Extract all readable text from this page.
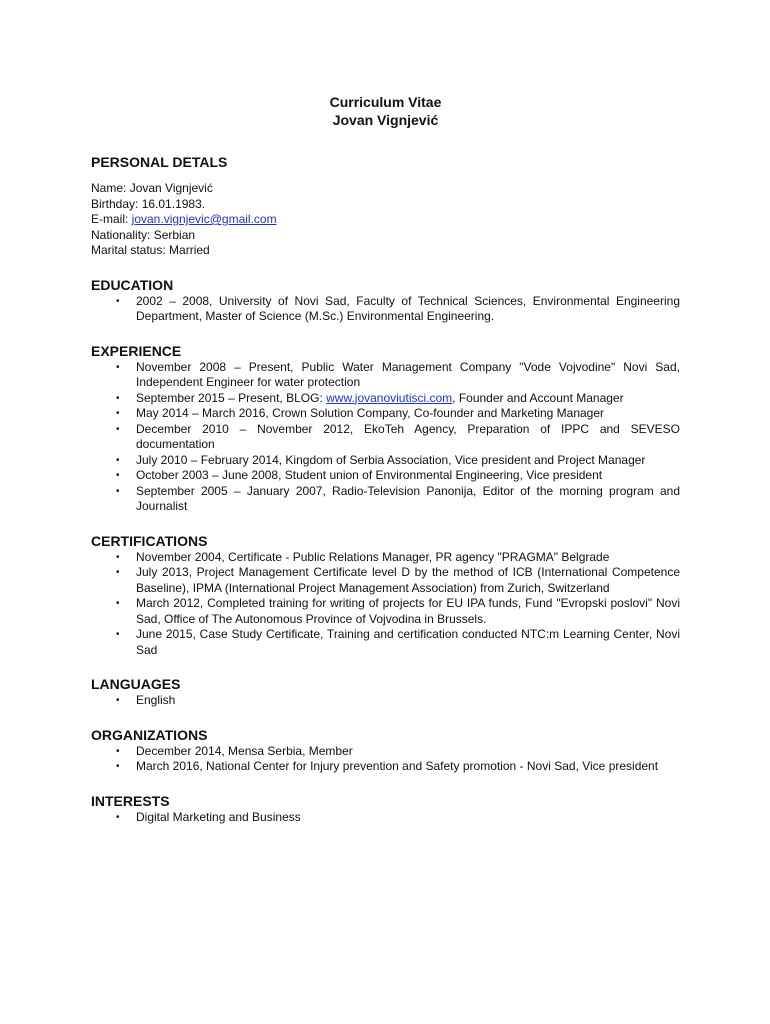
Curriculum Vitae

Jovan Vignjević

PERSONAL DETALS
Name: Jovan Vignjević
Birthday: 16.01.1983.
E-mail: jovan.vignjevic@gmail.com
Nationality: Serbian
Marital status: Married
EDUCATION
• 2002 – 2008, University of Novi Sad, Faculty of Technical Sciences, Environmental Engineering Department, Master of Science (M.Sc.) Environmental Engineering.
EXPERIENCE
• November 2008 – Present, Public Water Management Company "Vode Vojvodine" Novi Sad, Independent Engineer for water protection
• September 2015 – Present, BLOG: www.jovanoviutisci.com, Founder and Account Manager
• May 2014 – March 2016, Crown Solution Company, Co-founder and Marketing Manager
• December 2010 – November 2012, EkoTeh Agency, Preparation of IPPC and SEVESO documentation
• July 2010 – February 2014, Kingdom of Serbia Association, Vice president and Project Manager
• October 2003 – June 2008, Student union of Environmental Engineering, Vice president
• September 2005 – January 2007, Radio-Television Panonija, Editor of the morning program and Journalist
CERTIFICATIONS
• November 2004, Certificate - Public Relations Manager, PR agency "PRAGMA" Belgrade
• July 2013, Project Management Certificate level D by the method of ICB (International Competence Baseline), IPMA (International Project Management Association) from Zurich, Switzerland
• March 2012, Completed training for writing of projects for EU IPA funds, Fund "Evropski poslovi" Novi Sad, Office of The Autonomous Province of Vojvodina in Brussels.
• June 2015, Case Study Certificate, Training and certification conducted NTC:m Learning Center, Novi Sad
LANGUAGES
• English
ORGANIZATIONS
• December 2014, Mensa Serbia, Member
• March 2016, National Center for Injury prevention and Safety promotion - Novi Sad, Vice president
INTERESTS
• Digital Marketing and Business
